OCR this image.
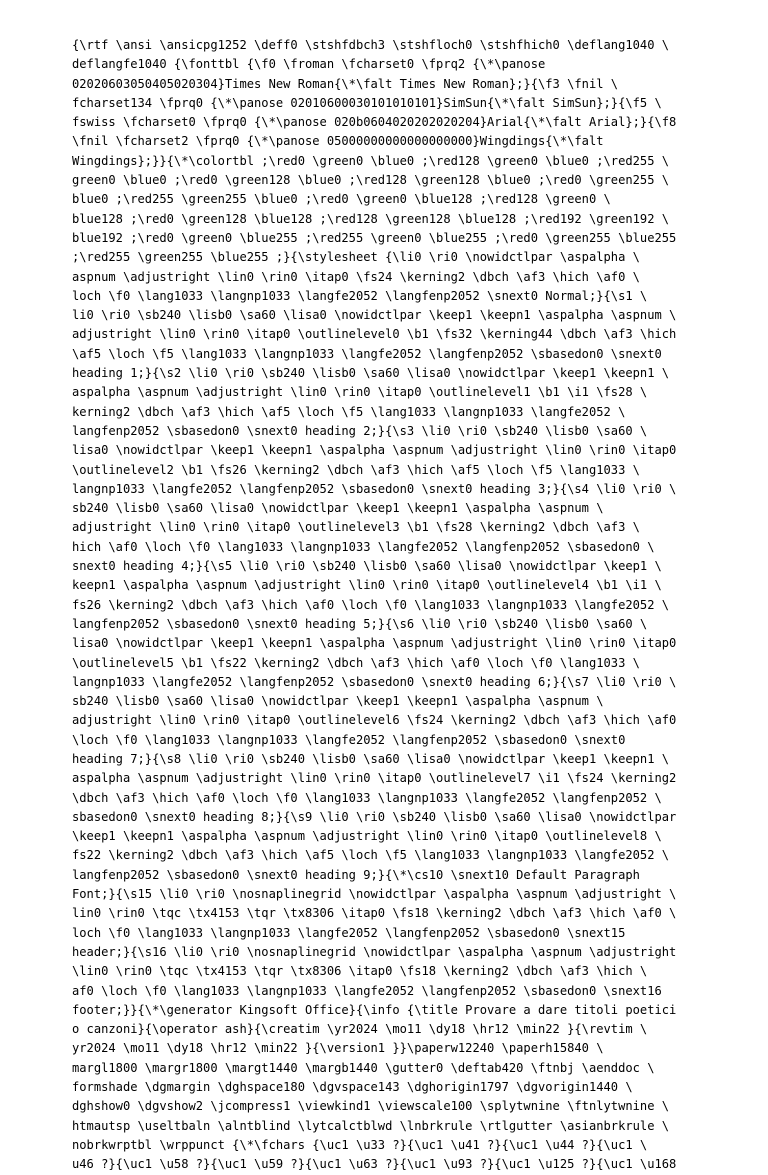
{\rtf \ansi \ansicpg1252 \deff0 \stshfdbch3 \stshfloch0 \stshfhich0 \deflang1040 \
deflangfe1040 {\fonttbl {\f0 \froman \fcharset0 \fprq2 {\*\panose
02020603050405020304}Times New Roman{\*\falt Times New Roman};}{\f3 \fnil \
fcharset134 \fprq0 {\*\panose 02010600030101010101}SimSun{\*\falt SimSun};}{\f5 \
fswiss \fcharset0 \fprq0 {\*\panose 020b0604020202020204}Arial{\*\falt Arial};}{\f8
\fnil \fcharset2 \fprq0 {\*\panose 05000000000000000000}Wingdings{\*\falt
Wingdings};}}{\*\colortbl ;\red0 \green0 \blue0 ;\red128 \green0 \blue0 ;\red255 \
green0 \blue0 ;\red0 \green128 \blue0 ;\red128 \green128 \blue0 ;\red0 \green255 \
blue0 ;\red255 \green255 \blue0 ;\red0 \green0 \blue128 ;\red128 \green0 \
blue128 ;\red0 \green128 \blue128 ;\red128 \green128 \blue128 ;\red192 \green192 \
blue192 ;\red0 \green0 \blue255 ;\red255 \green0 \blue255 ;\red0 \green255 \blue255
;\red255 \green255 \blue255 ;}{\stylesheet {\li0 \ri0 \nowidctlpar \aspalpha \
aspnum \adjustright \lin0 \rin0 \itap0 \fs24 \kerning2 \dbch \af3 \hich \af0 \
loch \f0 \lang1033 \langnp1033 \langfe2052 \langfenp2052 \snext0 Normal;}{\s1 \
li0 \ri0 \sb240 \lisb0 \sa60 \lisa0 \nowidctlpar \keep1 \keepn1 \aspalpha \aspnum \
adjustright \lin0 \rin0 \itap0 \outlinelevel0 \b1 \fs32 \kerning44 \dbch \af3 \hich
\af5 \loch \f5 \lang1033 \langnp1033 \langfe2052 \langfenp2052 \sbasedon0 \snext0
heading 1;}{\s2 \li0 \ri0 \sb240 \lisb0 \sa60 \lisa0 \nowidctlpar \keep1 \keepn1 \
aspalpha \aspnum \adjustright \lin0 \rin0 \itap0 \outlinelevel1 \b1 \i1 \fs28 \
kerning2 \dbch \af3 \hich \af5 \loch \f5 \lang1033 \langnp1033 \langfe2052 \
langfenp2052 \sbasedon0 \snext0 heading 2;}{\s3 \li0 \ri0 \sb240 \lisb0 \sa60 \
lisa0 \nowidctlpar \keep1 \keepn1 \aspalpha \aspnum \adjustright \lin0 \rin0 \itap0
\outlinelevel2 \b1 \fs26 \kerning2 \dbch \af3 \hich \af5 \loch \f5 \lang1033 \
langnp1033 \langfe2052 \langfenp2052 \sbasedon0 \snext0 heading 3;}{\s4 \li0 \ri0 \
sb240 \lisb0 \sa60 \lisa0 \nowidctlpar \keep1 \keepn1 \aspalpha \aspnum \
adjustright \lin0 \rin0 \itap0 \outlinelevel3 \b1 \fs28 \kerning2 \dbch \af3 \
hich \af0 \loch \f0 \lang1033 \langnp1033 \langfe2052 \langfenp2052 \sbasedon0 \
snext0 heading 4;}{\s5 \li0 \ri0 \sb240 \lisb0 \sa60 \lisa0 \nowidctlpar \keep1 \
keepn1 \aspalpha \aspnum \adjustright \lin0 \rin0 \itap0 \outlinelevel4 \b1 \i1 \
fs26 \kerning2 \dbch \af3 \hich \af0 \loch \f0 \lang1033 \langnp1033 \langfe2052 \
langfenp2052 \sbasedon0 \snext0 heading 5;}{\s6 \li0 \ri0 \sb240 \lisb0 \sa60 \
lisa0 \nowidctlpar \keep1 \keepn1 \aspalpha \aspnum \adjustright \lin0 \rin0 \itap0
\outlinelevel5 \b1 \fs22 \kerning2 \dbch \af3 \hich \af0 \loch \f0 \lang1033 \
langnp1033 \langfe2052 \langfenp2052 \sbasedon0 \snext0 heading 6;}{\s7 \li0 \ri0 \
sb240 \lisb0 \sa60 \lisa0 \nowidctlpar \keep1 \keepn1 \aspalpha \aspnum \
adjustright \lin0 \rin0 \itap0 \outlinelevel6 \fs24 \kerning2 \dbch \af3 \hich \af0
\loch \f0 \lang1033 \langnp1033 \langfe2052 \langfenp2052 \sbasedon0 \snext0
heading 7;}{\s8 \li0 \ri0 \sb240 \lisb0 \sa60 \lisa0 \nowidctlpar \keep1 \keepn1 \
aspalpha \aspnum \adjustright \lin0 \rin0 \itap0 \outlinelevel7 \i1 \fs24 \kerning2
\dbch \af3 \hich \af0 \loch \f0 \lang1033 \langnp1033 \langfe2052 \langfenp2052 \
sbasedon0 \snext0 heading 8;}{\s9 \li0 \ri0 \sb240 \lisb0 \sa60 \lisa0 \nowidctlpar
\keep1 \keepn1 \aspalpha \aspnum \adjustright \lin0 \rin0 \itap0 \outlinelevel8 \
fs22 \kerning2 \dbch \af3 \hich \af5 \loch \f5 \lang1033 \langnp1033 \langfe2052 \
langfenp2052 \sbasedon0 \snext0 heading 9;}{\*\cs10 \snext10 Default Paragraph
Font;}{\s15 \li0 \ri0 \nosnaplinegrid \nowidctlpar \aspalpha \aspnum \adjustright \
lin0 \rin0 \tqc \tx4153 \tqr \tx8306 \itap0 \fs18 \kerning2 \dbch \af3 \hich \af0 \
loch \f0 \lang1033 \langnp1033 \langfe2052 \langfenp2052 \sbasedon0 \snext15
header;}{\s16 \li0 \ri0 \nosnaplinegrid \nowidctlpar \aspalpha \aspnum \adjustright
\lin0 \rin0 \tqc \tx4153 \tqr \tx8306 \itap0 \fs18 \kerning2 \dbch \af3 \hich \
af0 \loch \f0 \lang1033 \langnp1033 \langfe2052 \langfenp2052 \sbasedon0 \snext16
footer;}}{\*\generator Kingsoft Office}{\info {\title Provare a dare titoli poetici
o canzoni}{\operator ash}{\creatim \yr2024 \mo11 \dy18 \hr12 \min22 }{\revtim \
yr2024 \mo11 \dy18 \hr12 \min22 }{\version1 }}\paperw12240 \paperh15840 \
margl1800 \margr1800 \margt1440 \margb1440 \gutter0 \deftab420 \ftnbj \aenddoc \
formshade \dgmargin \dghspace180 \dgvspace143 \dghorigin1797 \dgvorigin1440 \
dghshow0 \dgvshow2 \jcompress1 \viewkind1 \viewscale100 \splytwnine \ftnlytwnine \
htmautsp \useltbaln \alntblind \lytcalctblwd \lnbrkrule \rtlgutter \asianbrkrule \
nobrkwrptbl \wrppunct {\*\fchars {\uc1 \u33 ?}{\uc1 \u41 ?}{\uc1 \u44 ?}{\uc1 \
u46 ?}{\uc1 \u58 ?}{\uc1 \u59 ?}{\uc1 \u63 ?}{\uc1 \u93 ?}{\uc1 \u125 ?}{\uc1 \u168
